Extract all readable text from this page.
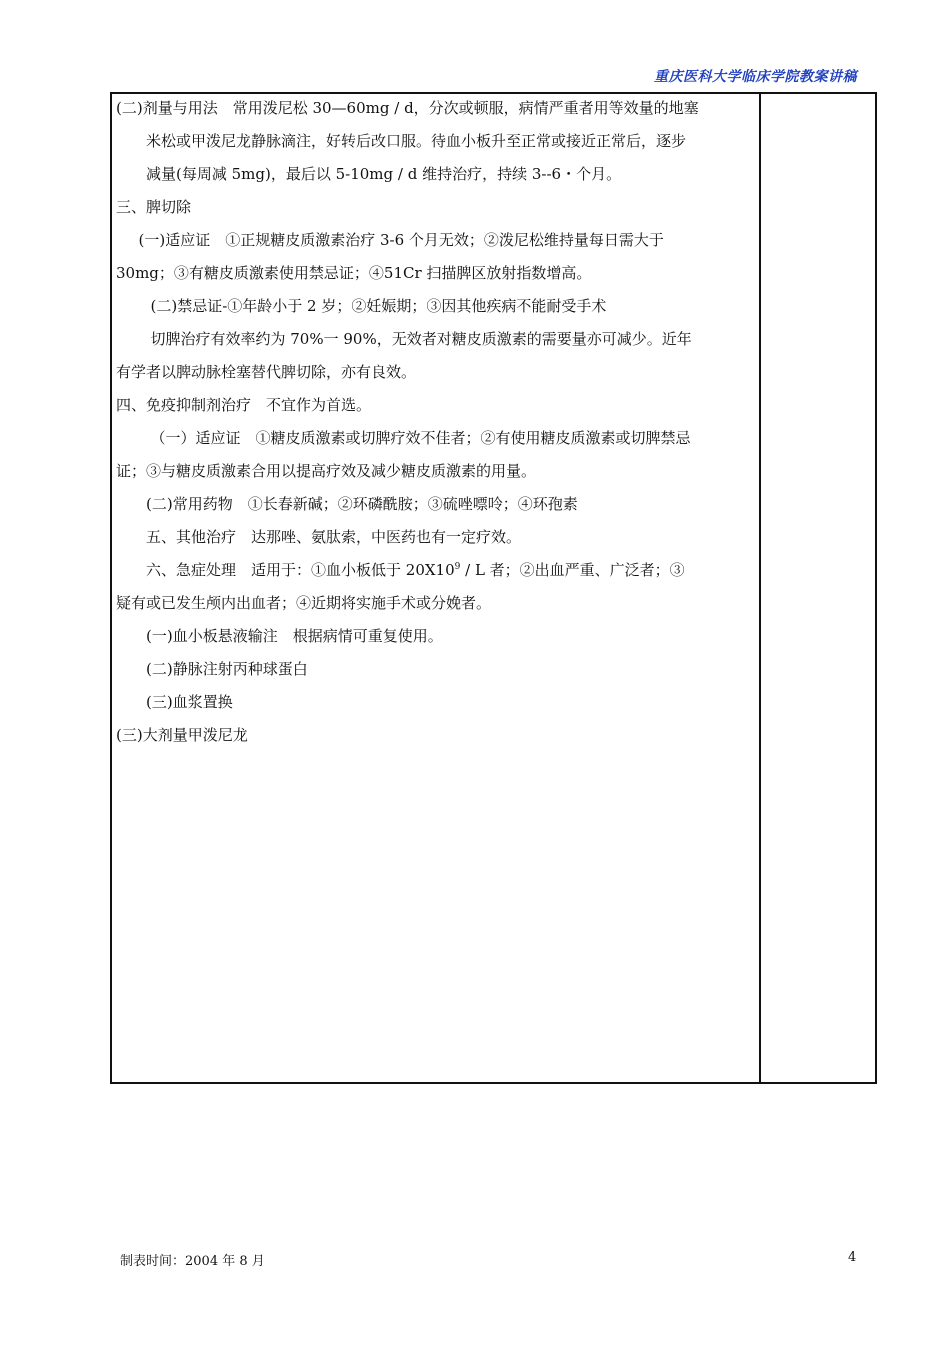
重庆医科大学临床学院教案讲稿

(二)剂量与用法　常用泼尼松 30—60mg / d，分次或顿服，病情严重者用等效量的地塞

米松或甲泼尼龙静脉滴注，好转后改口服。待血小板升至正常或接近正常后，逐步

减量(每周减 5mg)，最后以 5-10mg / d 维持治疗，持续 3--6・个月。

三、脾切除

(一)适应证　①正规糖皮质激素治疗 3-6 个月无效；②泼尼松维持量每日需大于

30mg；③有糖皮质激素使用禁忌证；④51Cr 扫描脾区放射指数增高。

(二)禁忌证-①年龄小于 2 岁；②妊娠期；③因其他疾病不能耐受手术

切脾治疗有效率约为 70%一 90%，无效者对糖皮质激素的需要量亦可减少。近年

有学者以脾动脉栓塞替代脾切除，亦有良效。

四、免疫抑制剂治疗　不宜作为首选。

（一）适应证　①糖皮质激素或切脾疗效不佳者；②有使用糖皮质激素或切脾禁忌

证；③与糖皮质激素合用以提高疗效及减少糖皮质激素的用量。

(二)常用药物　①长春新碱；②环磷酰胺；③硫唑嘌呤；④环孢素

五、其他治疗　达那唑、氨肽索，中医药也有一定疗效。

六、急症处理　适用于：①血小板低于 $20X10^9$ / L 者；②出血严重、广泛者；③

疑有或已发生颅内出血者；④近期将实施手术或分娩者。

(一)血小板悬液输注　根据病情可重复使用。

(二)静脉注射丙种球蛋白

(三)血浆置换

(三)大剂量甲泼尼龙

制表时间：2004 年 8 月	4
